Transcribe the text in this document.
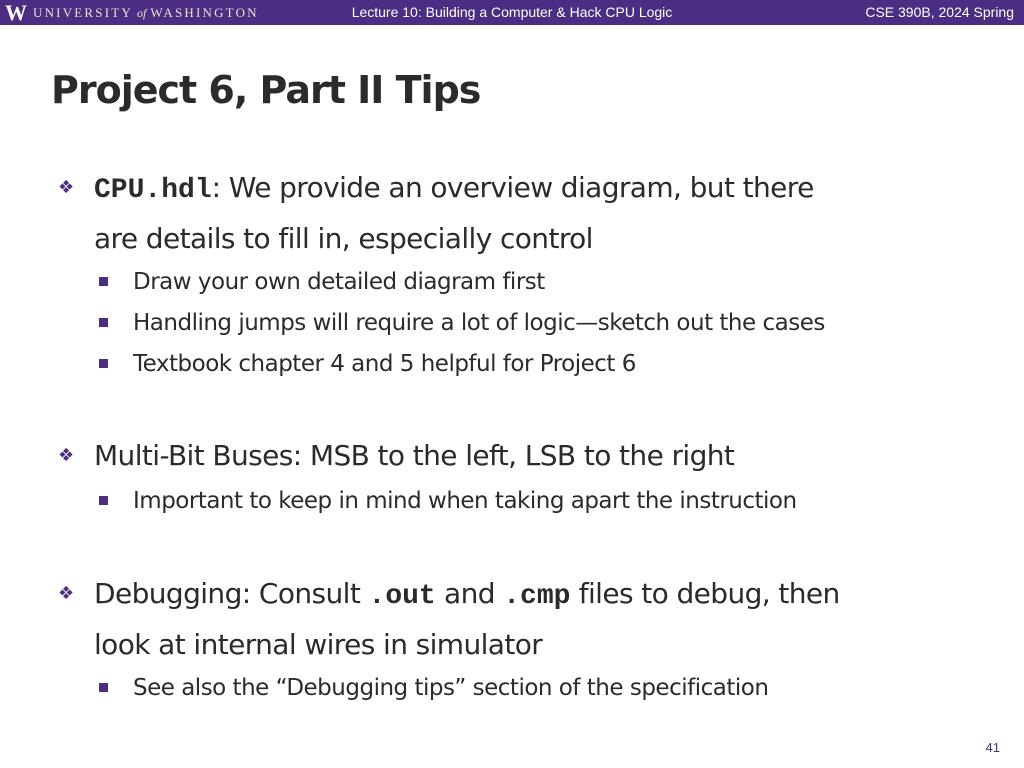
W UNIVERSITY of WASHINGTON	Lecture 10: Building a Computer & Hack CPU Logic	CSE 390B, 2024 Spring
Project 6, Part II Tips
❖ CPU.hdl: We provide an overview diagram, but there
are details to fill in, especially control
Draw your own detailed diagram first
Handling jumps will require a lot of logic—sketch out the cases
Textbook chapter 4 and 5 helpful for Project 6
❖ Multi-Bit Buses: MSB to the left, LSB to the right
Important to keep in mind when taking apart the instruction
❖ Debugging: Consult .out and .cmp files to debug, then
look at internal wires in simulator
See also the “Debugging tips” section of the specification
41
